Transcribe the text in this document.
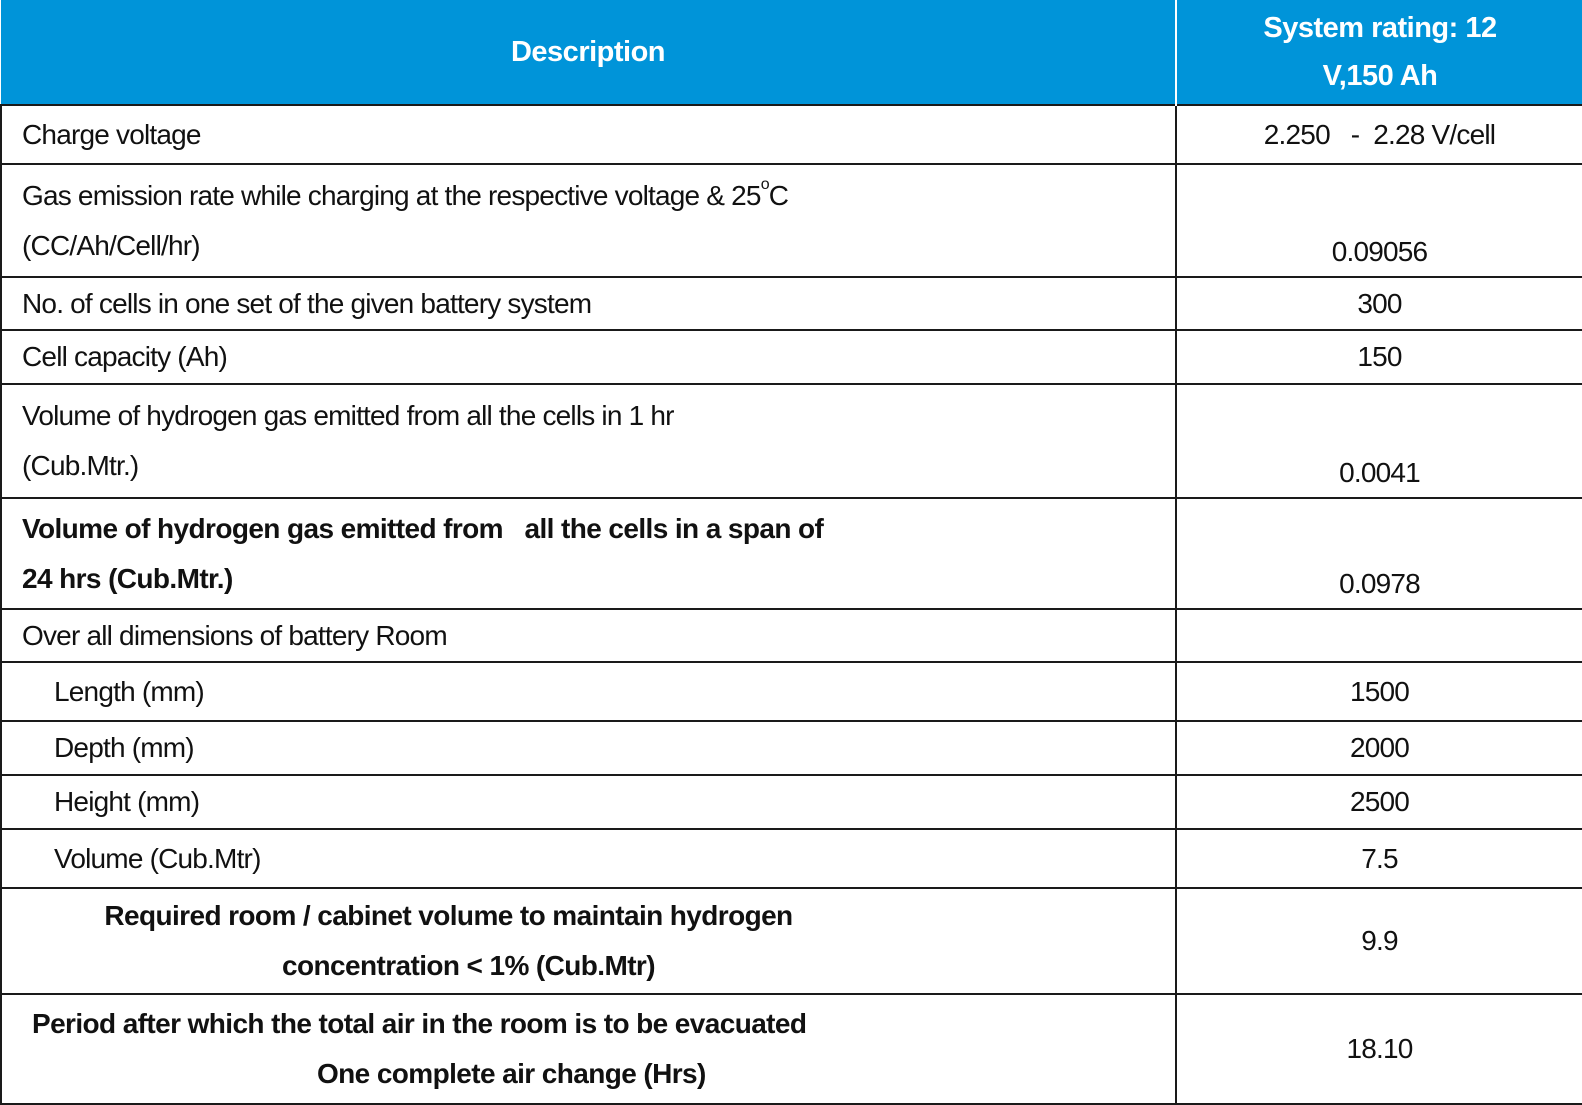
Description	System rating: 12
V,150 Ah

Charge voltage	2.250   -  2.28 V/cell

Gas emission rate while charging at the respective voltage & 25$^o$C
(CC/Ah/Cell/hr)	0.09056
No. of cells in one set of the given battery system	300
Cell capacity (Ah)	150

Volume of hydrogen gas emitted from all the cells in 1 hr
(Cub.Mtr.)	0.0041

Volume of hydrogen gas emitted from   all the cells in a span of
24 hrs (Cub.Mtr.)	0.0978
Over all dimensions of battery Room	
Length (mm)	1500
Depth (mm)	2000
Height (mm)	2500
Volume (Cub.Mtr)	7.5

Required room / cabinet volume to maintain hydrogen
concentration < 1% (Cub.Mtr)	9.9

Period after which the total air in the room is to be evacuated
One complete air change (Hrs)	18.10
